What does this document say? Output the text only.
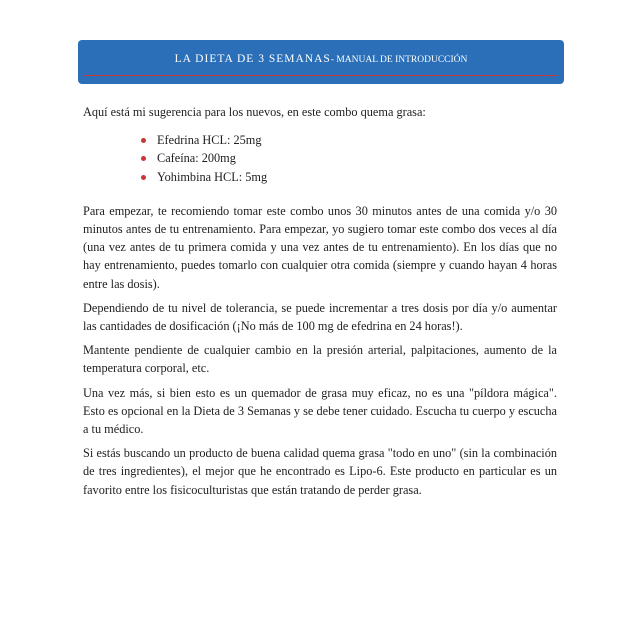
LA DIETA DE 3 SEMANAS- MANUAL DE INTRODUCCIÓN

Aquí está mi sugerencia para los nuevos, en este combo quema grasa:

Efedrina HCL: 25mg
Cafeína: 200mg
Yohimbina HCL: 5mg

Para empezar, te recomiendo tomar este combo unos 30 minutos antes de una comida y/o 30 minutos antes de tu entrenamiento. Para empezar, yo sugiero tomar este combo dos veces al día (una vez antes de tu primera comida y una vez antes de tu entrenamiento). En los días que no hay entrenamiento, puedes tomarlo con cualquier otra comida (siempre y cuando hayan 4 horas entre las dosis).

Dependiendo de tu nivel de tolerancia, se puede incrementar a tres dosis por día y/o aumentar las cantidades de dosificación (¡No más de 100 mg de efedrina en 24 horas!).

Mantente pendiente de cualquier cambio en la presión arterial, palpitaciones, aumento de la temperatura corporal, etc.

Una vez más, si bien esto es un quemador de grasa muy eficaz, no es una "píldora mágica". Esto es opcional en la Dieta de 3 Semanas y se debe tener cuidado. Escucha tu cuerpo y escucha a tu médico.

Si estás buscando un producto de buena calidad quema grasa "todo en uno" (sin la combinación de tres ingredientes), el mejor que he encontrado es Lipo-6. Este producto en particular es un favorito entre los fisicoculturistas que están tratando de perder grasa.
